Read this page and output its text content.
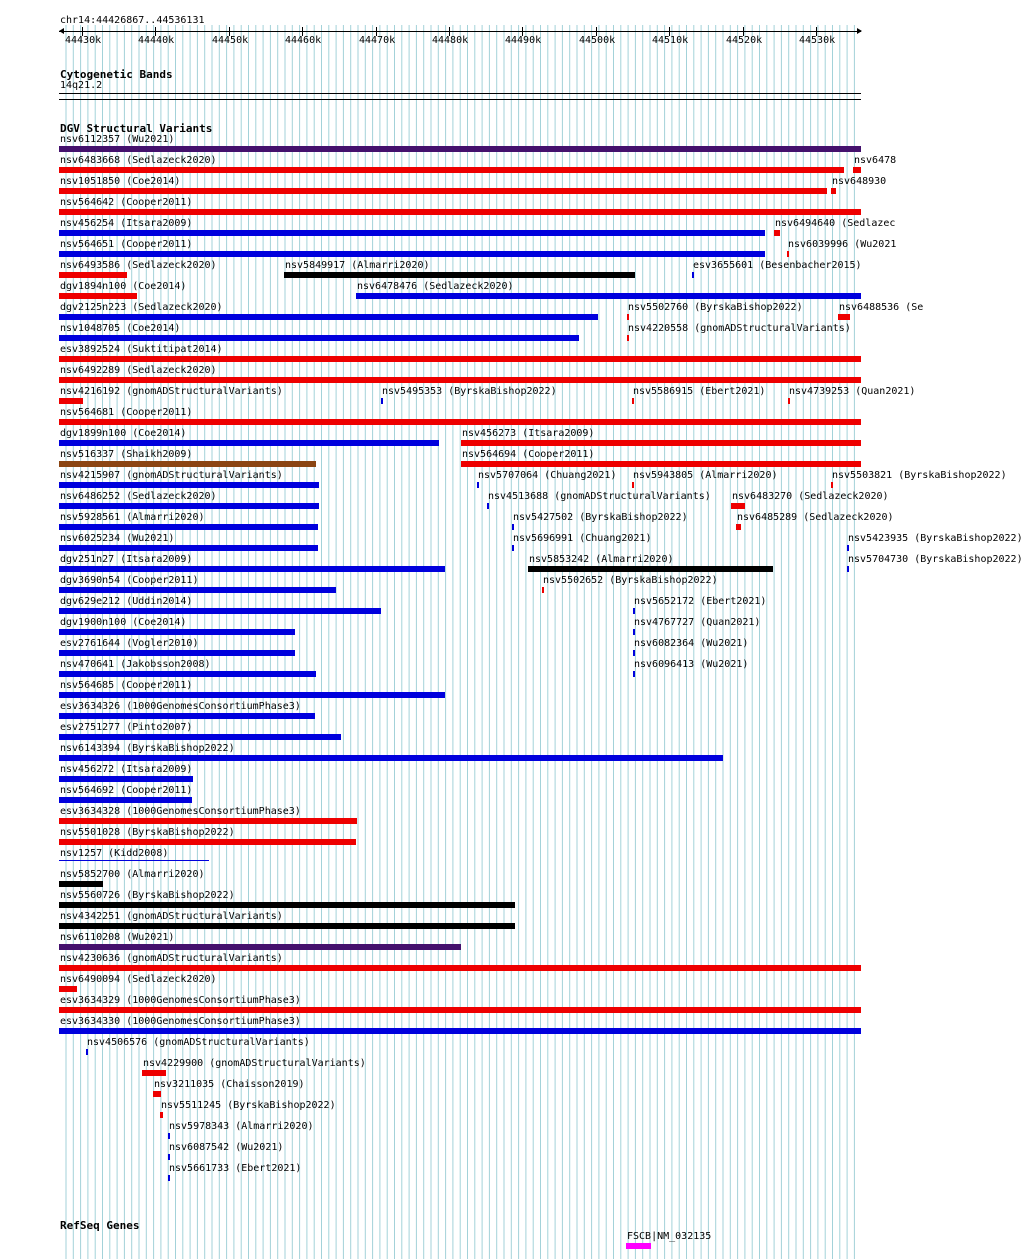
chr14:44426867..44536131
44430k	44440k	44450k	44460k	44470k	44480k	44490k	44500k	44510k	44520k	44530k
Cytogenetic Bands
14q21.2
DGV Structural Variants
nsv6112357 (Wu2021)
nsv6483668 (Sedlazeck2020)	nsv6478
nsv1051850 (Coe2014)	nsv648930
nsv564642 (Cooper2011)
nsv456254 (Itsara2009)	nsv6494640 (Sedlazec
nsv564651 (Cooper2011)	nsv6039996 (Wu2021
nsv6493586 (Sedlazeck2020)	nsv5849917 (Almarri2020)	esv3655601 (Besenbacher2015)
dgv1894n100 (Coe2014)	nsv6478476 (Sedlazeck2020)
dgv2125n223 (Sedlazeck2020)	nsv5502760 (ByrskaBishop2022)	nsv6488536 (Se
nsv1048705 (Coe2014)	nsv4220558 (gnomADStructuralVariants)
esv3892524 (Suktitipat2014)
nsv6492289 (Sedlazeck2020)
nsv4216192 (gnomADStructuralVariants)	nsv5495353 (ByrskaBishop2022)	nsv5586915 (Ebert2021) nsv4739253 (Quan2021)
nsv564681 (Cooper2011)
dgv1899n100 (Coe2014)	nsv456273 (Itsara2009)
nsv516337 (Shaikh2009)	nsv564694 (Cooper2011)
nsv4215907 (gnomADStructuralVariants)	nsv5707064 (Chuang2021) nsv5943805 (Almarri2020)	nsv5503821 (ByrskaBishop2022)
nsv6486252 (Sedlazeck2020)	nsv4513688 (gnomADStructuralVariants) nsv6483270 (Sedlazeck2020)
nsv5928561 (Almarri2020)	nsv5427502 (ByrskaBishop2022)	nsv6485289 (Sedlazeck2020)
nsv6025234 (Wu2021)	nsv5696991 (Chuang2021)	nsv5423935 (ByrskaBishop2022)
dgv251n27 (Itsara2009)	nsv5853242 (Almarri2020)	nsv5704730 (ByrskaBishop2022)
dgv3690n54 (Cooper2011)	nsv5502652 (ByrskaBishop2022)
dgv629e212 (Uddin2014)	nsv5652172 (Ebert2021)
dgv1900n100 (Coe2014)	nsv4767727 (Quan2021)
esv2761644 (Vogler2010)	nsv6082364 (Wu2021)
nsv470641 (Jakobsson2008)	nsv6096413 (Wu2021)
nsv564685 (Cooper2011)
esv3634326 (1000GenomesConsortiumPhase3)
esv2751277 (Pinto2007)
nsv6143394 (ByrskaBishop2022)
nsv456272 (Itsara2009)
nsv564692 (Cooper2011)
esv3634328 (1000GenomesConsortiumPhase3)
nsv5501028 (ByrskaBishop2022)
nsv1257 (Kidd2008)
nsv5852700 (Almarri2020)
nsv5560726 (ByrskaBishop2022)
nsv4342251 (gnomADStructuralVariants)
nsv6110208 (Wu2021)
nsv4230636 (gnomADStructuralVariants)
nsv6490094 (Sedlazeck2020)
esv3634329 (1000GenomesConsortiumPhase3)
esv3634330 (1000GenomesConsortiumPhase3)
nsv4506576 (gnomADStructuralVariants)
nsv4229900 (gnomADStructuralVariants)
nsv3211035 (Chaisson2019)
nsv5511245 (ByrskaBishop2022)
nsv5978343 (Almarri2020)
nsv6087542 (Wu2021)
nsv5661733 (Ebert2021)
RefSeq Genes
FSCB|NM_032135
